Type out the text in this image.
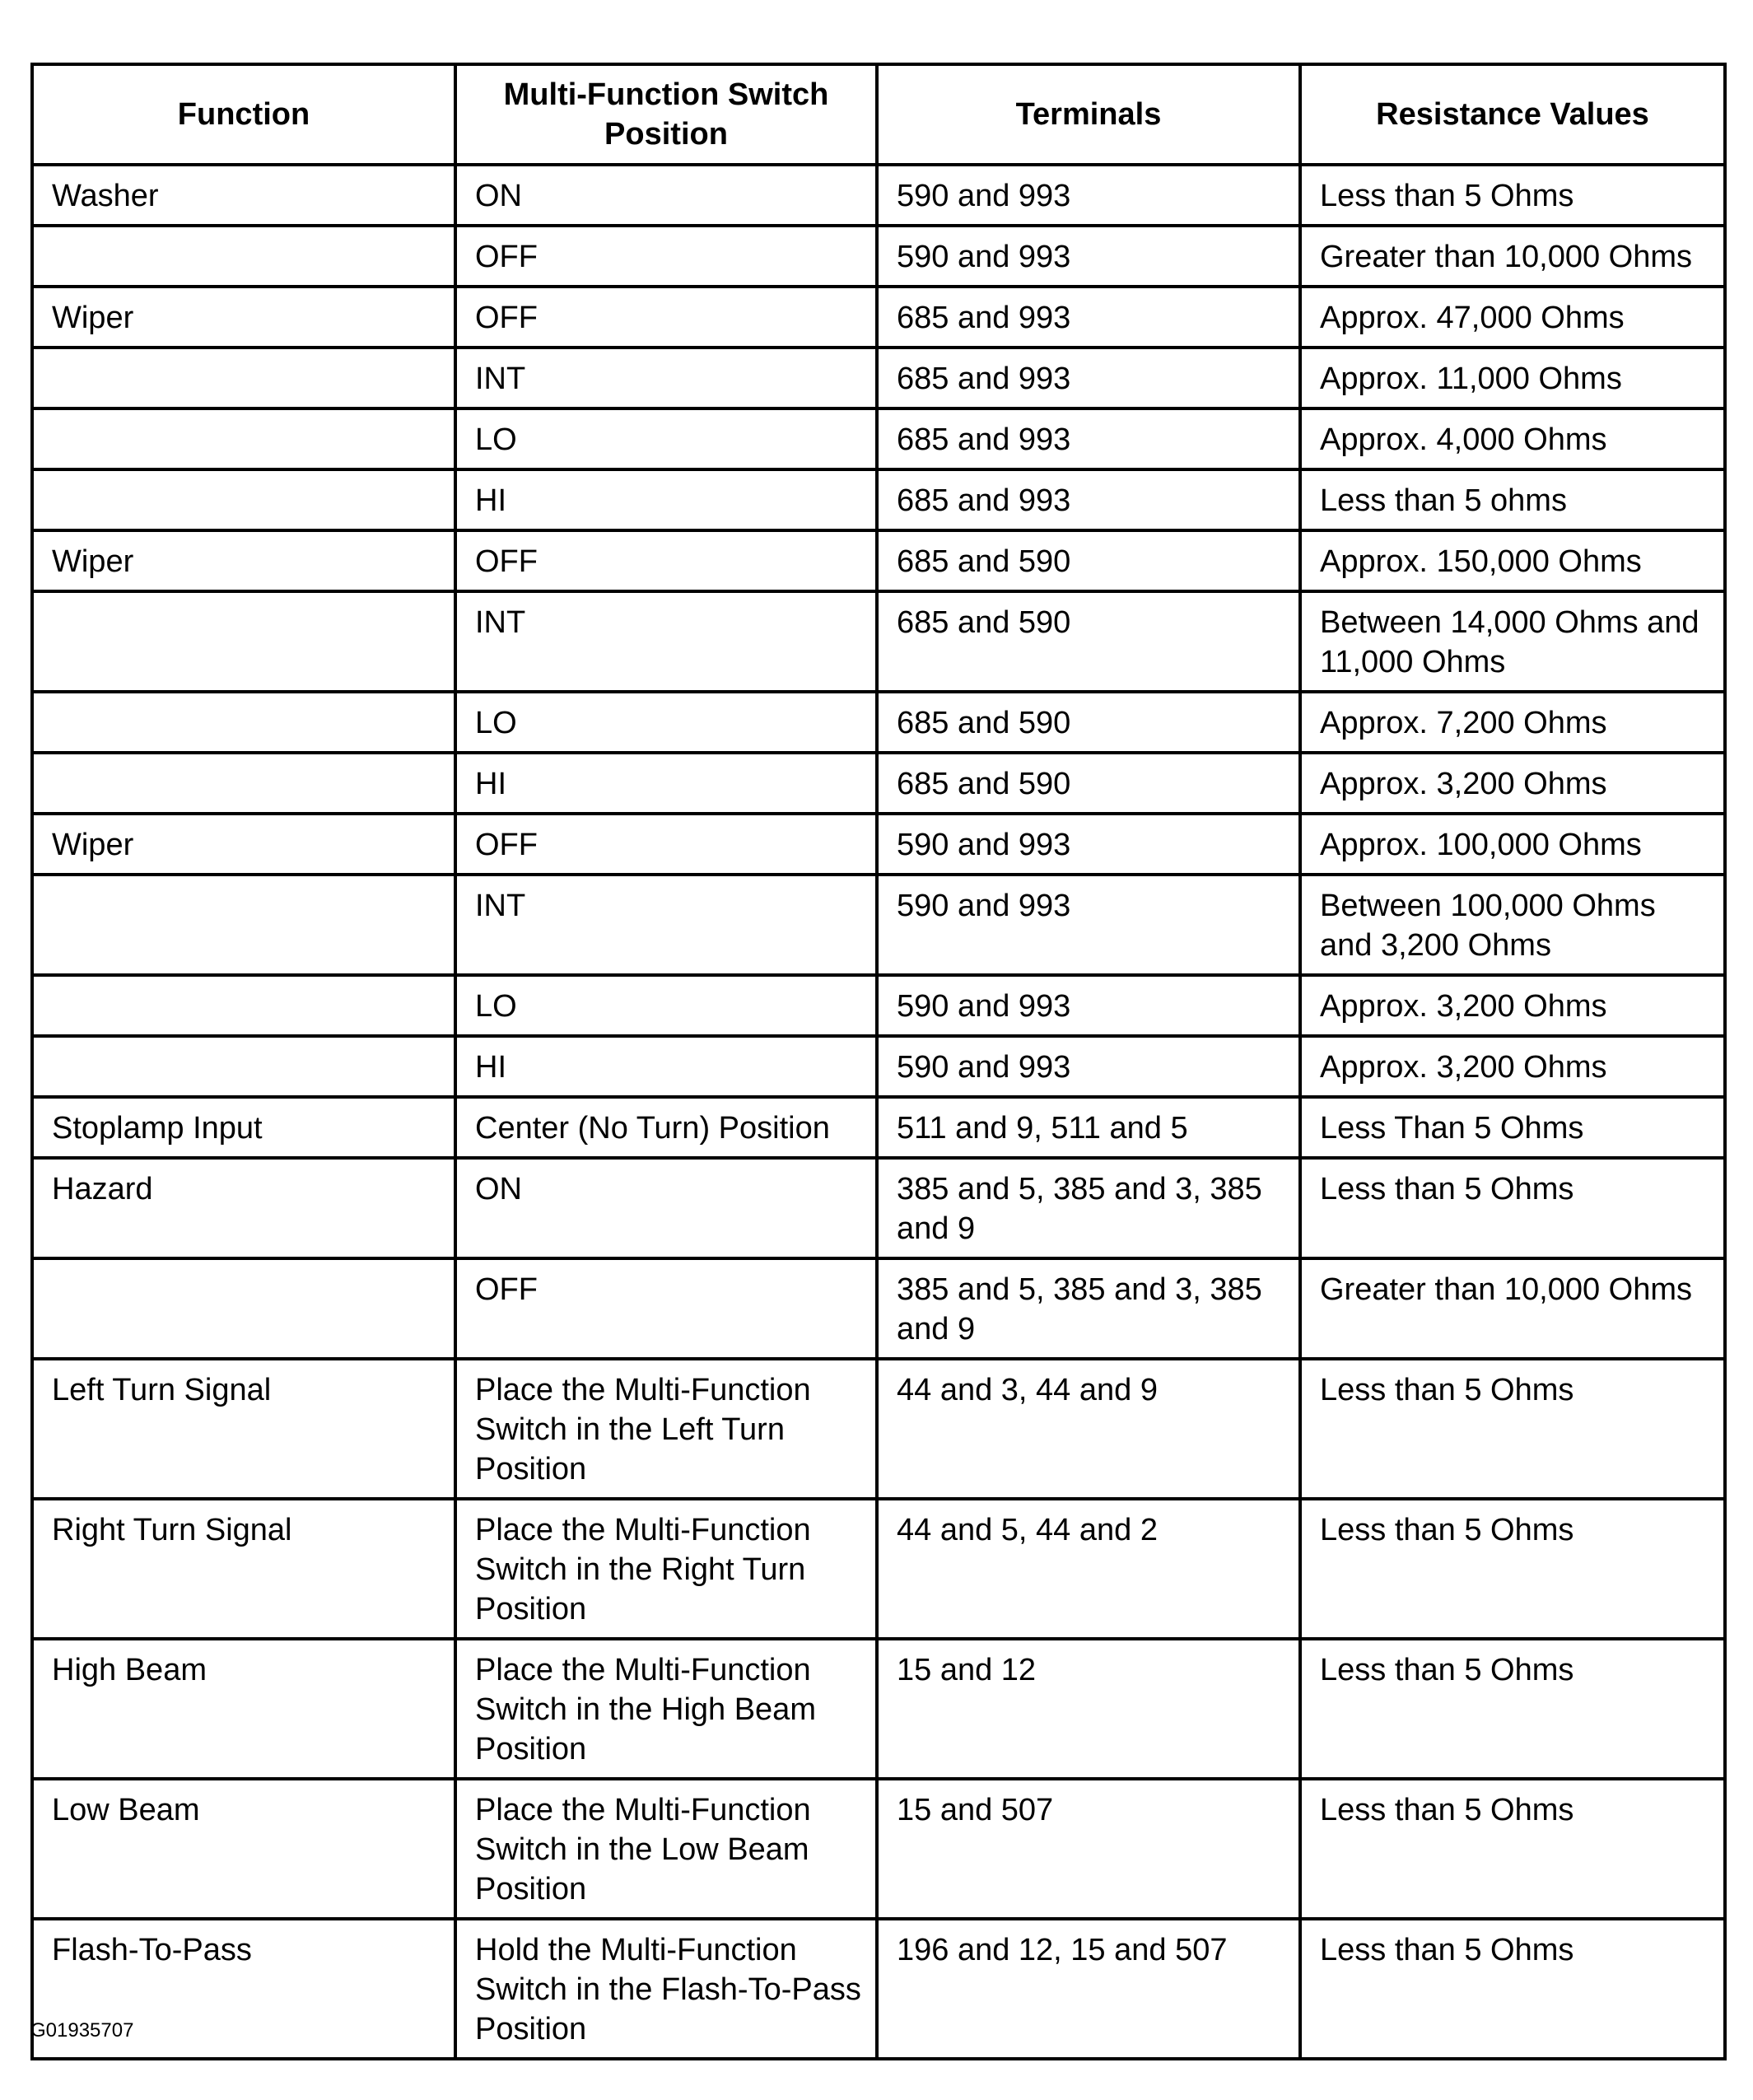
Function	Multi-Function Switch Position	Terminals	Resistance Values
Washer	ON	590 and 993	Less than 5 Ohms
	OFF	590 and 993	Greater than 10,000 Ohms
Wiper	OFF	685 and 993	Approx. 47,000 Ohms
	INT	685 and 993	Approx. 11,000 Ohms
	LO	685 and 993	Approx. 4,000 Ohms
	HI	685 and 993	Less than 5 ohms
Wiper	OFF	685 and 590	Approx. 150,000 Ohms
	INT	685 and 590	Between 14,000 Ohms and 11,000 Ohms
	LO	685 and 590	Approx. 7,200 Ohms
	HI	685 and 590	Approx. 3,200 Ohms
Wiper	OFF	590 and 993	Approx. 100,000 Ohms
	INT	590 and 993	Between 100,000 Ohms and 3,200 Ohms
	LO	590 and 993	Approx. 3,200 Ohms
	HI	590 and 993	Approx. 3,200 Ohms
Stoplamp Input	Center (No Turn) Position	511 and 9, 511 and 5	Less Than 5 Ohms
Hazard	ON	385 and 5, 385 and 3, 385 and 9	Less than 5 Ohms
	OFF	385 and 5, 385 and 3, 385 and 9	Greater than 10,000 Ohms
Left Turn Signal	Place the Multi-Function Switch in the Left Turn Position	44 and 3, 44 and 9	Less than 5 Ohms
Right Turn Signal	Place the Multi-Function Switch in the Right Turn Position	44 and 5, 44 and 2	Less than 5 Ohms
High Beam	Place the Multi-Function Switch in the High Beam Position	15 and 12	Less than 5 Ohms
Low Beam	Place the Multi-Function Switch in the Low Beam Position	15 and 507	Less than 5 Ohms
Flash-To-Pass	Hold the Multi-Function Switch in the Flash-To-Pass Position	196 and 12, 15 and 507	Less than 5 Ohms
G01935707
